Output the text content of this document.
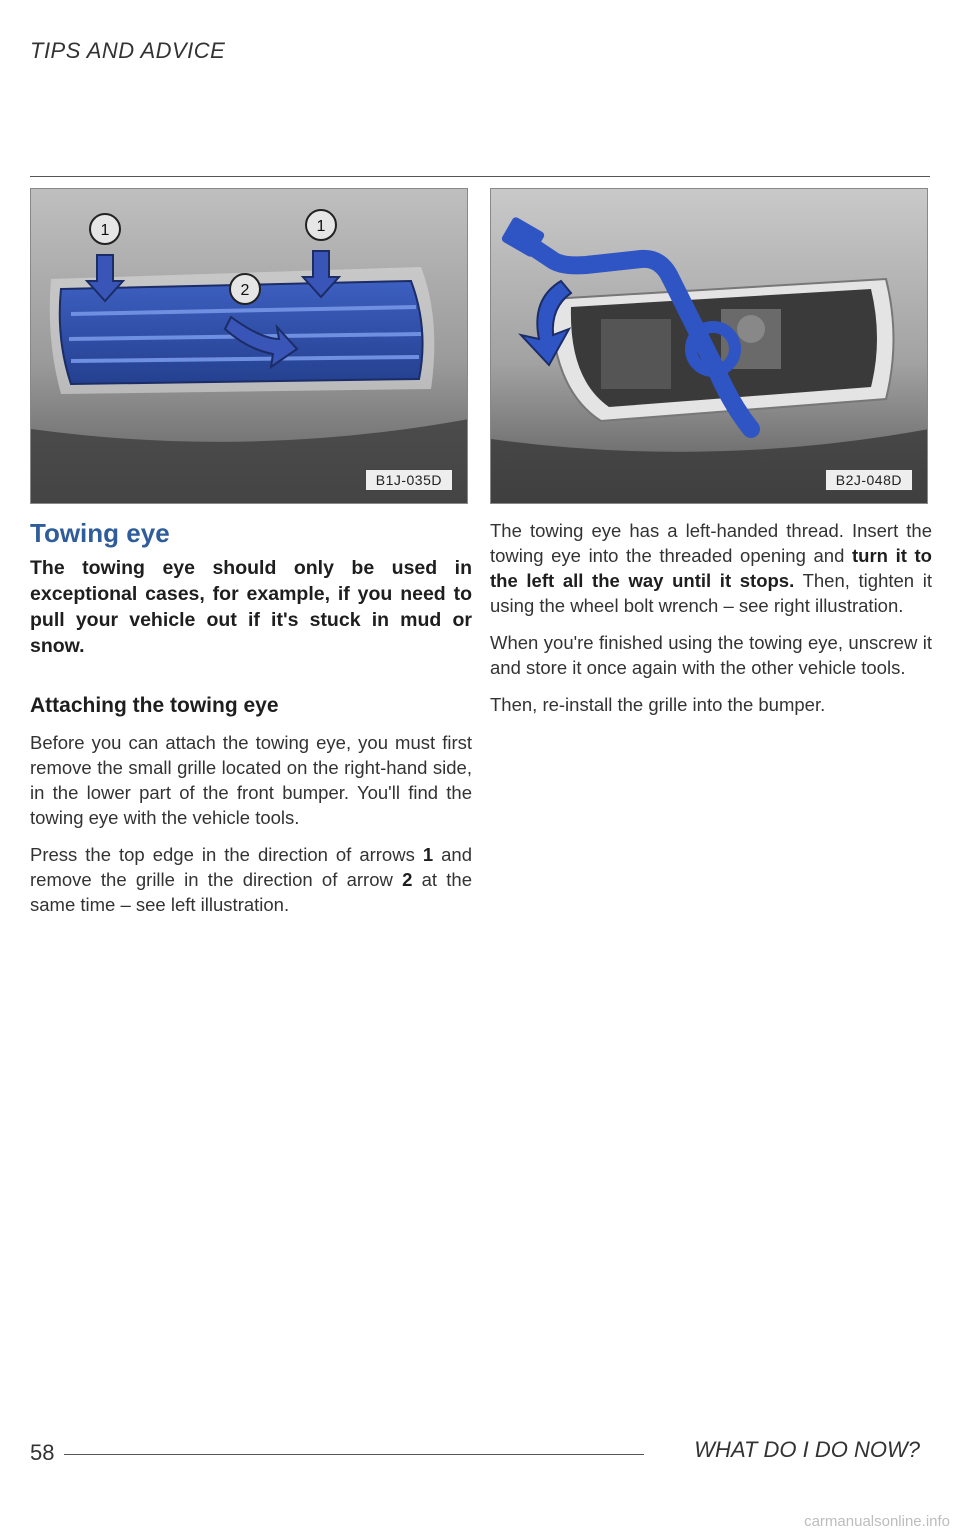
TIPS AND ADVICE
1	1
2
B1J-035D	B2J-048D
Towing eye
The towing eye should only be used in exceptional cases, for example, if you need to pull your vehicle out if it's stuck in mud or snow.
Attaching the towing eye

Before you can attach the towing eye, you must first remove the small grille located on the right-hand side, in the lower part of the front bumper. You'll find the towing eye with the vehicle tools.

Press the top edge in the direction of arrows 1 and remove the grille in the direction of arrow 2 at the same time – see left illustration.

The towing eye has a left-handed thread. Insert the towing eye into the threaded opening and turn it to the left all the way until it stops. Then, tighten it using the wheel bolt wrench – see right illustration.

When you're finished using the towing eye, unscrew it and store it once again with the other vehicle tools.

Then, re-install the grille into the bumper.

58	WHAT DO I DO NOW?
carmanualsonline.info
